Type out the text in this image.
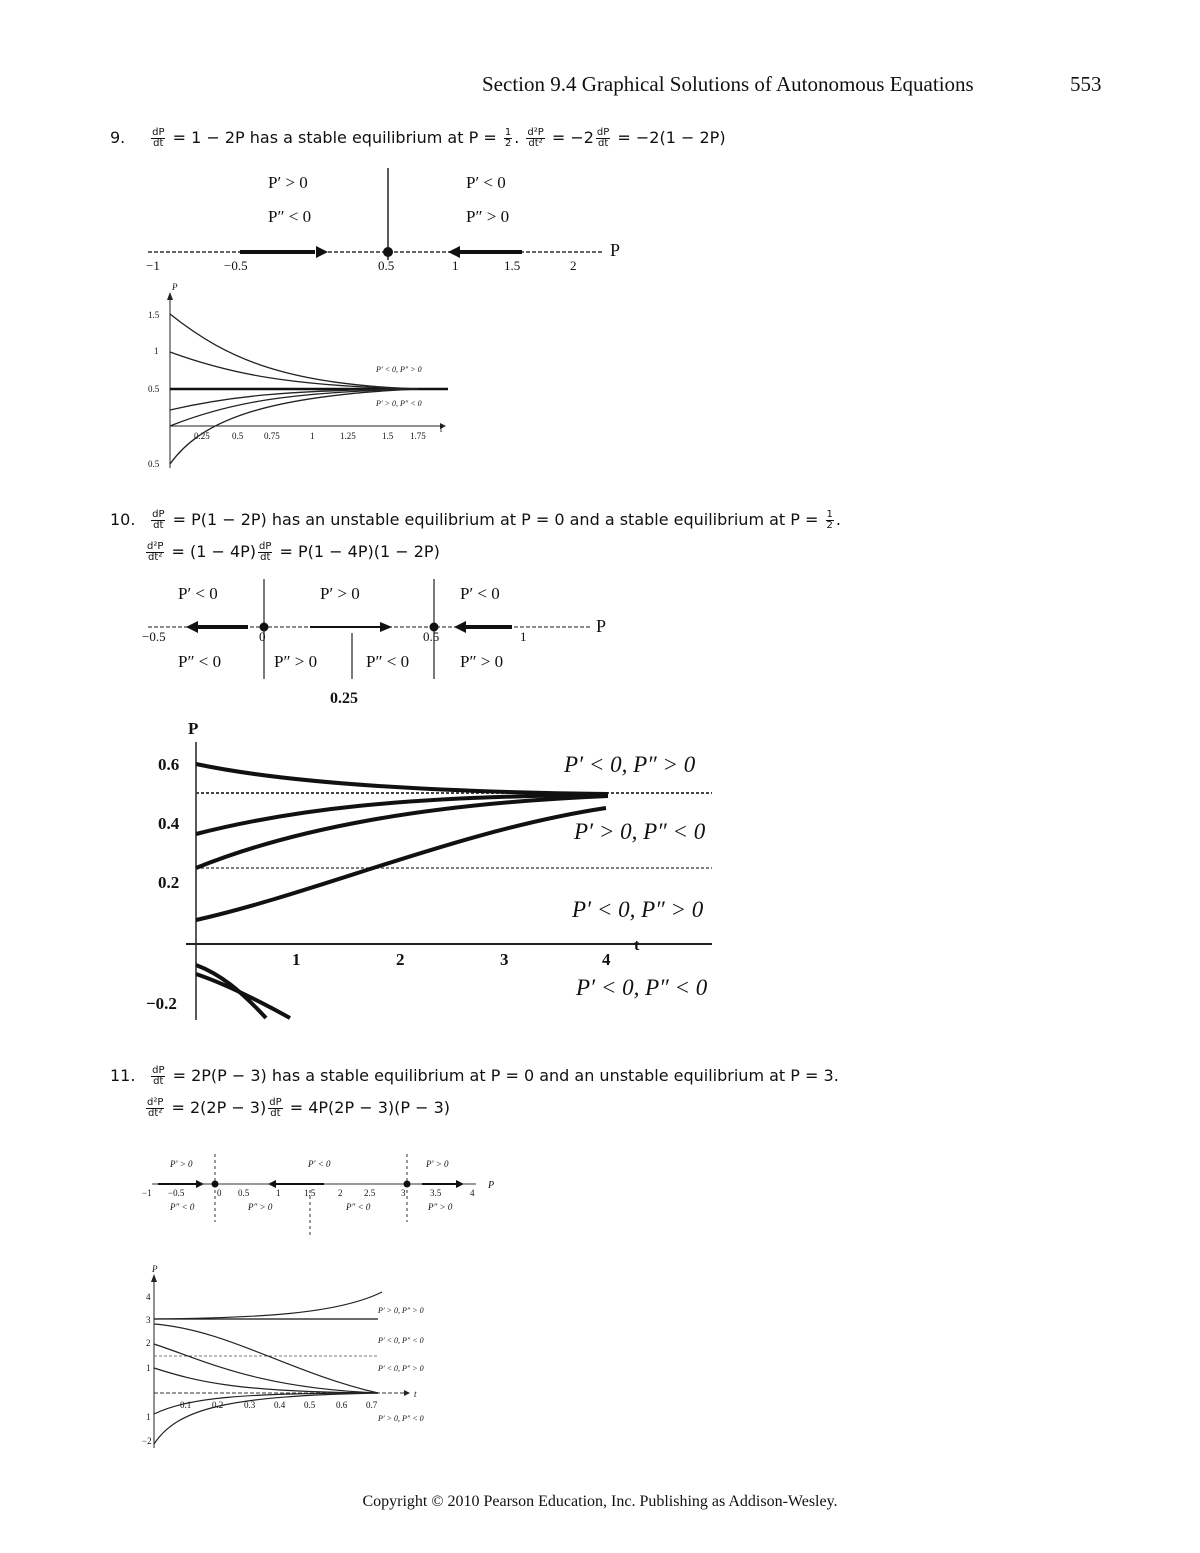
Section 9.4 Graphical Solutions of Autonomous Equations	553
9.	$\frac{dP}{dt} = 1 - 2P$ has a stable equilibrium at $P = \frac{1}{2}$ . $\frac{\text{d²P}}{\text{dt²}} = -2 \frac{dP}{dt} = -2(1 - 2P)$
P′ > 0
P″ < 0
P′ < 0
P″ > 0
P
−1	−0.5	0.5	1	1.5	2
P
t
1.5
1
0.5
0.5
0.25 0.5 0.75	1	1.25	1.5 1.75
P′ < 0, P″ > 0
P′ > 0, P″ < 0
10. $\frac{dP}{dt} = P(1 - 2P)$ has an unstable equilibrium at P = 0 and a stable equilibrium at $P = \frac{1}{2}$ .
$\frac{\text{d²P}}{\text{dt²}} = (1 - 4P) \frac{dP}{dt} = P(1 - 4P)(1 - 2P)$
P′ < 0	P′ > 0	P′ < 0
P
−0.5	0	0.5	1
P″ < 0	P″ > 0	P″ < 0	P″ > 0
0.25
P
0.6
0.4
0.2
−0.2
t
1	2	3	4
P′ < 0, P″ > 0
P′ > 0, P″ < 0
P′ < 0, P″ > 0
P′ < 0, P″ < 0
11. $\frac{dP}{dt} = 2P(P - 3)$ has a stable equilibrium at P = 0 and an unstable equilibrium at P = 3.
$\frac{\text{d²P}}{\text{dt²}} = 2(2P - 3) \frac{dP}{dt} = 4P(2P - 3)(P - 3)$
P′ > 0	P′ < 0	P′ > 0
P
−1 −0.5	0 0.5	1	1.5	2 2.5	3	3.5	4
P″ < 0	P″ > 0	P″ < 0	P″ > 0
P
4
3
2
1
1
−2
t
0.1 0.2 0.3 0.4 0.5 0.6 0.7
P′ > 0, P″ > 0
P′ < 0, P″ < 0
P′ < 0, P″ > 0
P′ > 0, P″ < 0
Copyright © 2010 Pearson Education, Inc. Publishing as Addison-Wesley.
